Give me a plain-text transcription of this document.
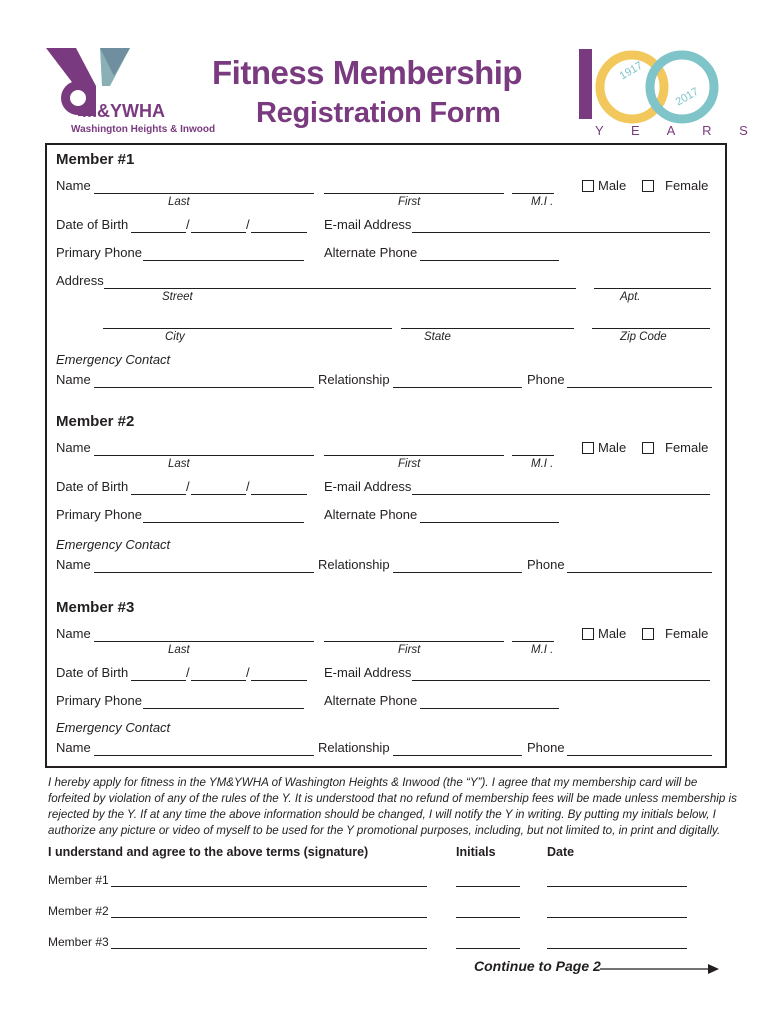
M&YWHA
Washington Heights & Inwood
Fitness Membership
Registration Form
1917
2017
Y E A R S
Member #1
Name
Last	First	M.I .
Male	Female
Date of Birth	/	/	E-mail Address
Primary Phone	Alternate Phone
Address
Street	Apt.
City	State	Zip Code
Emergency Contact
Name	Relationship	Phone
Member #2
Name
Last	First	M.I .
Male	Female
Date of Birth	/	/	E-mail Address
Primary Phone	Alternate Phone
Emergency Contact
Name	Relationship	Phone
Member #3
Name
Last	First	M.I .
Male	Female
Date of Birth	/	/	E-mail Address
Primary Phone	Alternate Phone
Emergency Contact
Name	Relationship	Phone
I hereby apply for fitness in the YM&YWHA of Washington Heights & Inwood (the “Y”). I agree that my membership card will be forfeited by violation of any of the rules of the Y. It is understood that no refund of membership fees will be made unless membership is rejected by the Y. If at any time the above information should be changed, I will notify the Y in writing. By putting my initials below, I authorize any picture or video of myself to be used for the Y promotional purposes, including, but not limited to, in print and digitally.
I understand and agree to the above terms (signature)	Initials	Date
Member #1
Member #2
Member #3
Continue to Page 2
